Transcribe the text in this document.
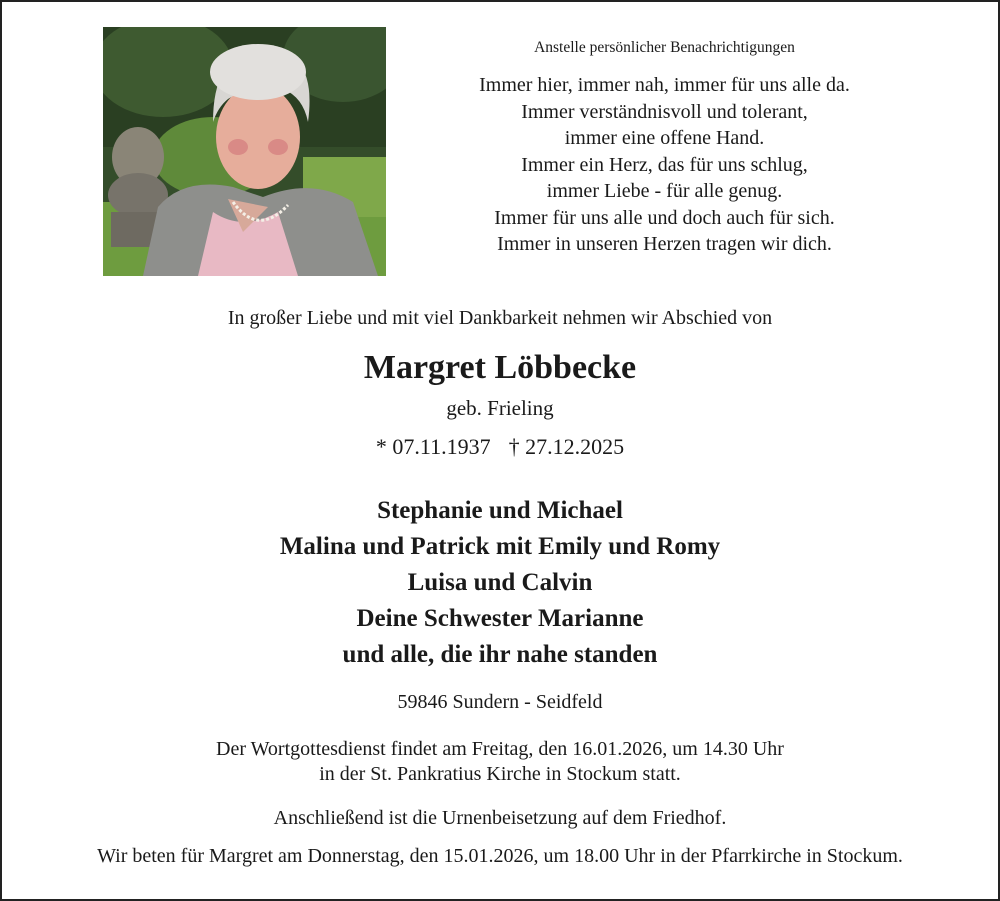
Anstelle persönlicher Benachrichtigungen
Immer hier, immer nah, immer für uns alle da.
Immer verständnisvoll und tolerant,
immer eine offene Hand.
Immer ein Herz, das für uns schlug,
immer Liebe - für alle genug.
Immer für uns alle und doch auch für sich.
Immer in unseren Herzen tragen wir dich.
In großer Liebe und mit viel Dankbarkeit nehmen wir Abschied von
Margret Löbbecke
geb. Frieling
* 07.11.1937 † 27.12.2025
Stephanie und Michael
Malina und Patrick mit Emily und Romy
Luisa und Calvin
Deine Schwester Marianne
und alle, die ihr nahe standen
59846 Sundern - Seidfeld
Der Wortgottesdienst findet am Freitag, den 16.01.2026, um 14.30 Uhr
in der St. Pankratius Kirche in Stockum statt.
Anschließend ist die Urnenbeisetzung auf dem Friedhof.
Wir beten für Margret am Donnerstag, den 15.01.2026, um 18.00 Uhr in der Pfarrkirche in Stockum.
